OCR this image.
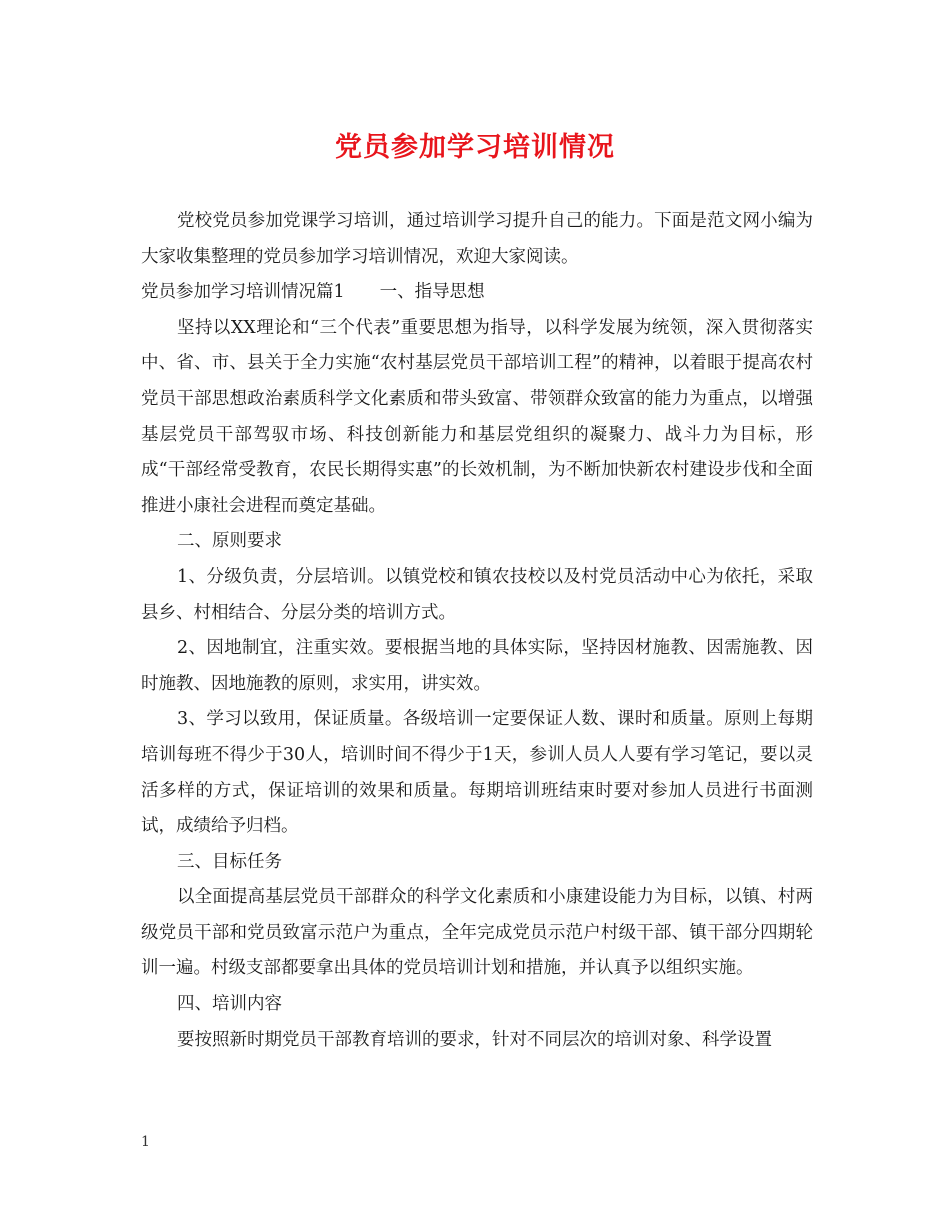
党员参加学习培训情况

党校党员参加党课学习培训，通过培训学习提升自己的能力。下面是范文网小编为大家收集整理的党员参加学习培训情况，欢迎大家阅读。

党员参加学习培训情况篇1　　一、指导思想

坚持以XX理论和“三个代表”重要思想为指导，以科学发展为统领，深入贯彻落实中、省、市、县关于全力实施“农村基层党员干部培训工程”的精神，以着眼于提高农村党员干部思想政治素质科学文化素质和带头致富、带领群众致富的能力为重点，以增强基层党员干部驾驭市场、科技创新能力和基层党组织的凝聚力、战斗力为目标，形成“干部经常受教育，农民长期得实惠”的长效机制，为不断加快新农村建设步伐和全面推进小康社会进程而奠定基础。

二、原则要求

1、分级负责，分层培训。以镇党校和镇农技校以及村党员活动中心为依托，采取县乡、村相结合、分层分类的培训方式。

2、因地制宜，注重实效。要根据当地的具体实际，坚持因材施教、因需施教、因时施教、因地施教的原则，求实用，讲实效。

3、学习以致用，保证质量。各级培训一定要保证人数、课时和质量。原则上每期培训每班不得少于30人，培训时间不得少于1天，参训人员人人要有学习笔记，要以灵活多样的方式，保证培训的效果和质量。每期培训班结束时要对参加人员进行书面测试，成绩给予归档。

三、目标任务

以全面提高基层党员干部群众的科学文化素质和小康建设能力为目标，以镇、村两级党员干部和党员致富示范户为重点，全年完成党员示范户村级干部、镇干部分四期轮训一遍。村级支部都要拿出具体的党员培训计划和措施，并认真予以组织实施。

四、培训内容

要按照新时期党员干部教育培训的要求，针对不同层次的培训对象、科学设置

1
